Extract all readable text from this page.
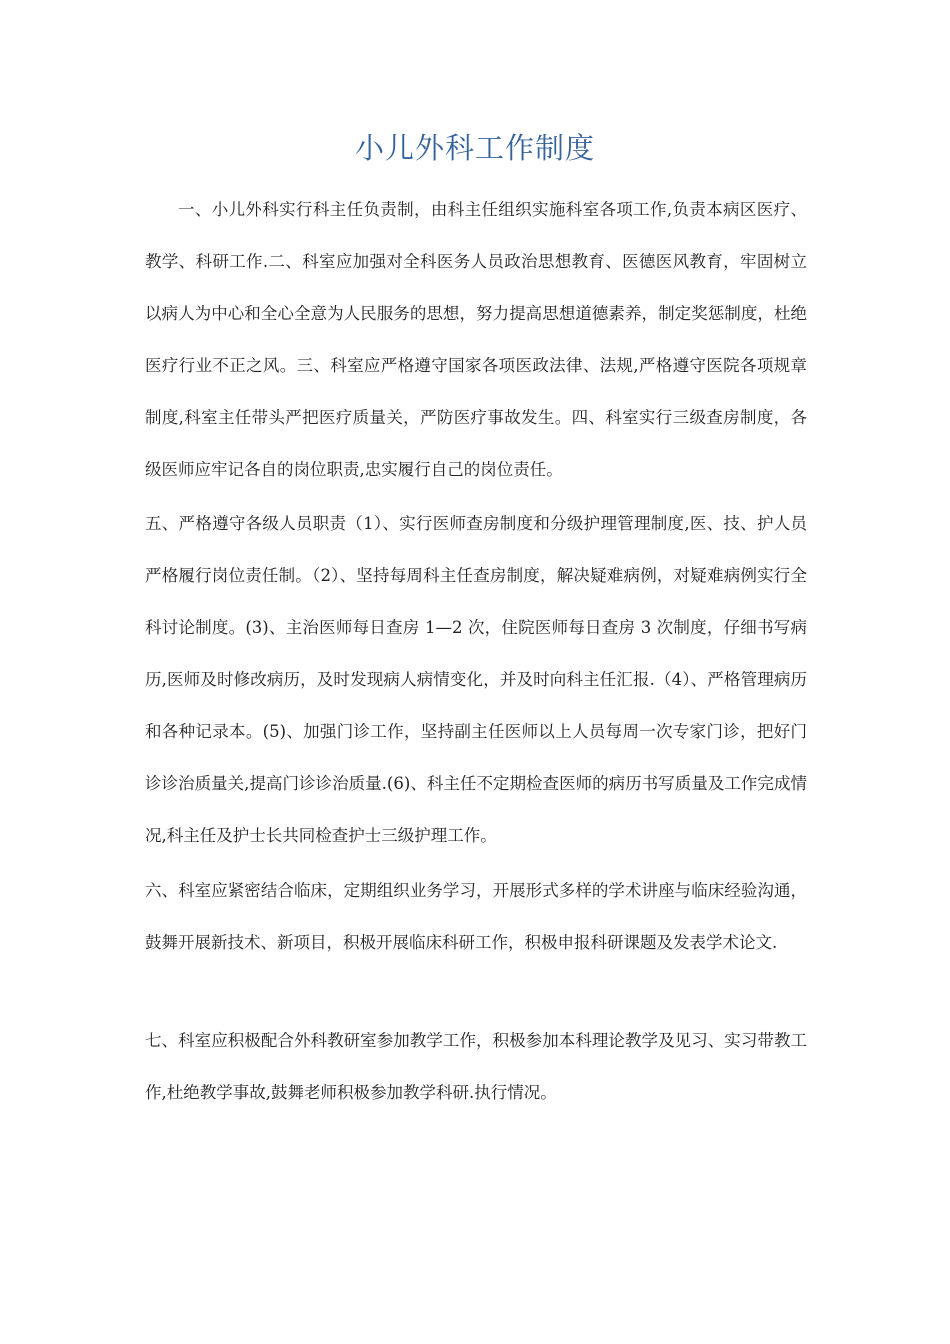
小儿外科工作制度
一、小儿外科实行科主任负责制，由科主任组织实施科室各项工作,负责本病区医疗、教学、科研工作.二、科室应加强对全科医务人员政治思想教育、医德医风教育，牢固树立以病人为中心和全心全意为人民服务的思想，努力提高思想道德素养，制定奖惩制度，杜绝医疗行业不正之风。三、科室应严格遵守国家各项医政法律、法规,严格遵守医院各项规章制度,科室主任带头严把医疗质量关，严防医疗事故发生。四、科室实行三级查房制度，各级医师应牢记各自的岗位职责,忠实履行自己的岗位责任。
五、严格遵守各级人员职责（1）、实行医师查房制度和分级护理管理制度,医、技、护人员严格履行岗位责任制。（2）、坚持每周科主任查房制度，解决疑难病例，对疑难病例实行全科讨论制度。(3)、主治医师每日查房 1—2 次，住院医师每日查房 3 次制度，仔细书写病历,医师及时修改病历，及时发现病人病情变化，并及时向科主任汇报.（4）、严格管理病历和各种记录本。(5)、加强门诊工作，坚持副主任医师以上人员每周一次专家门诊，把好门诊诊治质量关,提高门诊诊治质量.(6)、科主任不定期检查医师的病历书写质量及工作完成情况,科主任及护士长共同检查护士三级护理工作。
六、科室应紧密结合临床，定期组织业务学习，开展形式多样的学术讲座与临床经验沟通，鼓舞开展新技术、新项目，积极开展临床科研工作，积极申报科研课题及发表学术论文.
七、科室应积极配合外科教研室参加教学工作，积极参加本科理论教学及见习、实习带教工作,杜绝教学事故,鼓舞老师积极参加教学科研.执行情况。
